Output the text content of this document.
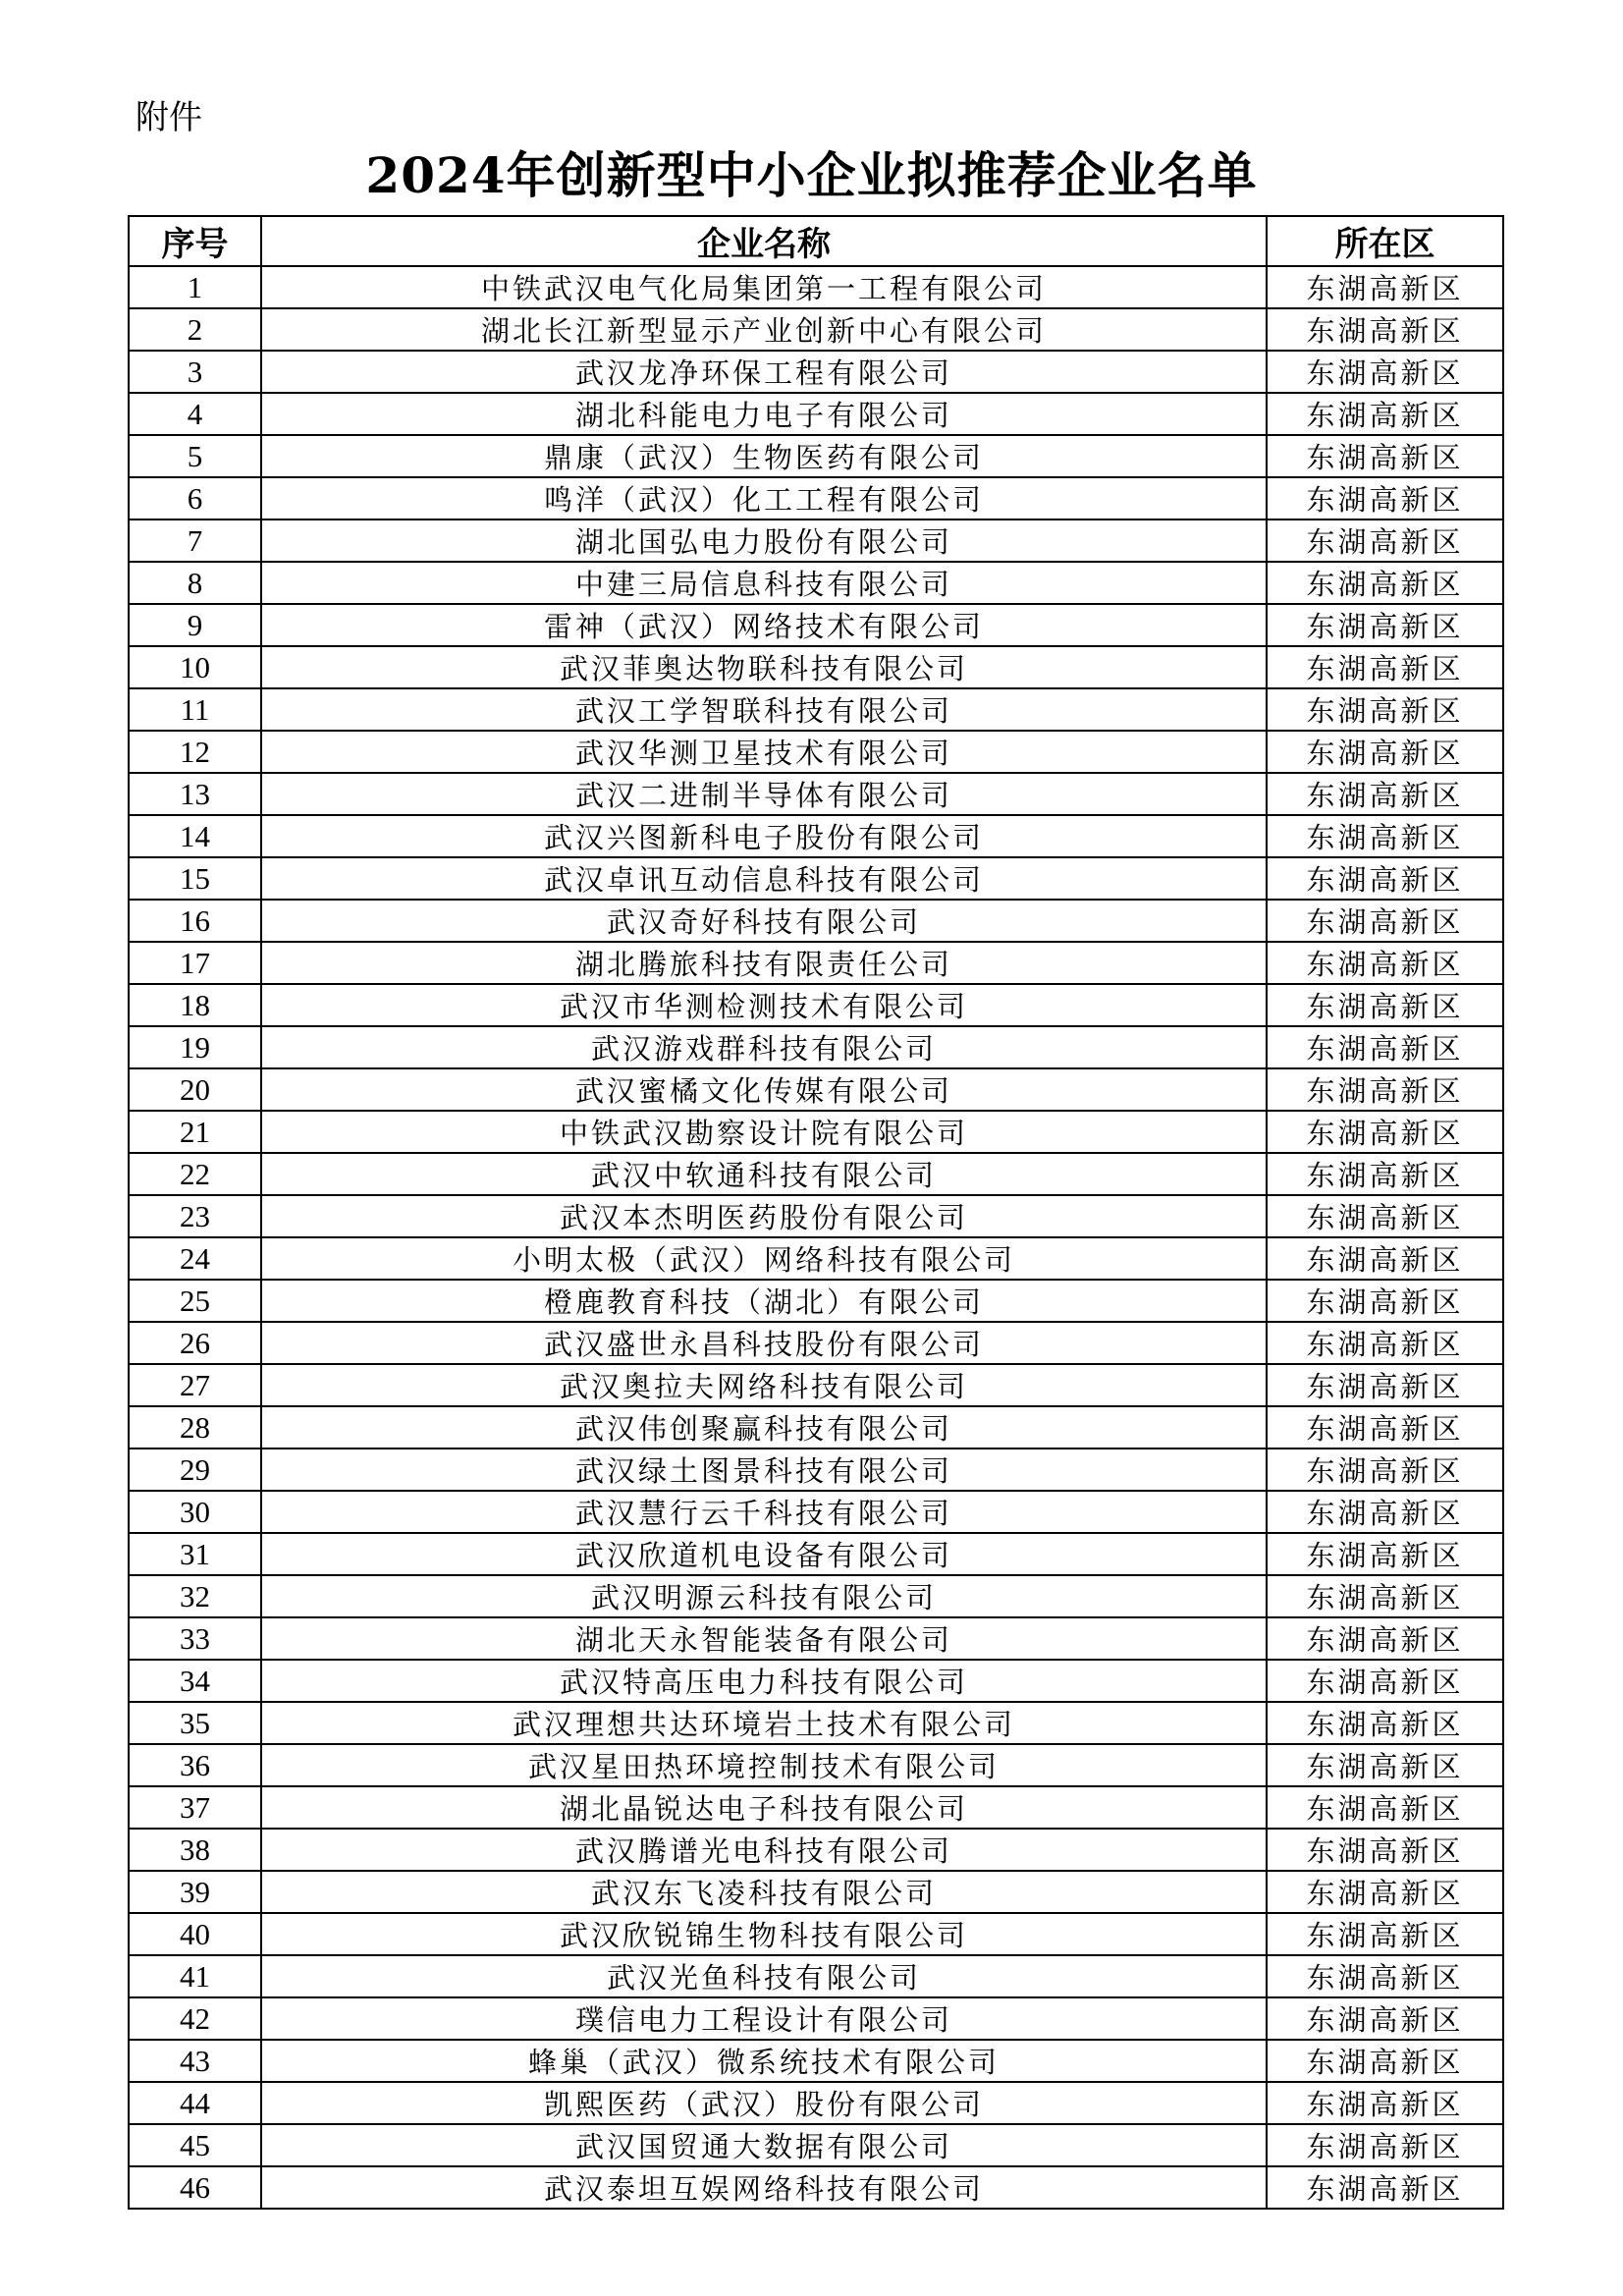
附件
2024年创新型中小企业拟推荐企业名单
序号	企业名称	所在区
1	中铁武汉电气化局集团第一工程有限公司	东湖高新区
2	湖北长江新型显示产业创新中心有限公司	东湖高新区
3	武汉龙净环保工程有限公司	东湖高新区
4	湖北科能电力电子有限公司	东湖高新区
5	鼎康（武汉）生物医药有限公司	东湖高新区
6	鸣洋（武汉）化工工程有限公司	东湖高新区
7	湖北国弘电力股份有限公司	东湖高新区
8	中建三局信息科技有限公司	东湖高新区
9	雷神（武汉）网络技术有限公司	东湖高新区
10	武汉菲奥达物联科技有限公司	东湖高新区
11	武汉工学智联科技有限公司	东湖高新区
12	武汉华测卫星技术有限公司	东湖高新区
13	武汉二进制半导体有限公司	东湖高新区
14	武汉兴图新科电子股份有限公司	东湖高新区
15	武汉卓讯互动信息科技有限公司	东湖高新区
16	武汉奇好科技有限公司	东湖高新区
17	湖北腾旅科技有限责任公司	东湖高新区
18	武汉市华测检测技术有限公司	东湖高新区
19	武汉游戏群科技有限公司	东湖高新区
20	武汉蜜橘文化传媒有限公司	东湖高新区
21	中铁武汉勘察设计院有限公司	东湖高新区
22	武汉中软通科技有限公司	东湖高新区
23	武汉本杰明医药股份有限公司	东湖高新区
24	小明太极（武汉）网络科技有限公司	东湖高新区
25	橙鹿教育科技（湖北）有限公司	东湖高新区
26	武汉盛世永昌科技股份有限公司	东湖高新区
27	武汉奥拉夫网络科技有限公司	东湖高新区
28	武汉伟创聚赢科技有限公司	东湖高新区
29	武汉绿土图景科技有限公司	东湖高新区
30	武汉慧行云千科技有限公司	东湖高新区
31	武汉欣道机电设备有限公司	东湖高新区
32	武汉明源云科技有限公司	东湖高新区
33	湖北天永智能装备有限公司	东湖高新区
34	武汉特高压电力科技有限公司	东湖高新区
35	武汉理想共达环境岩土技术有限公司	东湖高新区
36	武汉星田热环境控制技术有限公司	东湖高新区
37	湖北晶锐达电子科技有限公司	东湖高新区
38	武汉腾谱光电科技有限公司	东湖高新区
39	武汉东飞凌科技有限公司	东湖高新区
40	武汉欣锐锦生物科技有限公司	东湖高新区
41	武汉光鱼科技有限公司	东湖高新区
42	璞信电力工程设计有限公司	东湖高新区
43	蜂巢（武汉）微系统技术有限公司	东湖高新区
44	凯熙医药（武汉）股份有限公司	东湖高新区
45	武汉国贸通大数据有限公司	东湖高新区
46	武汉泰坦互娱网络科技有限公司	东湖高新区
